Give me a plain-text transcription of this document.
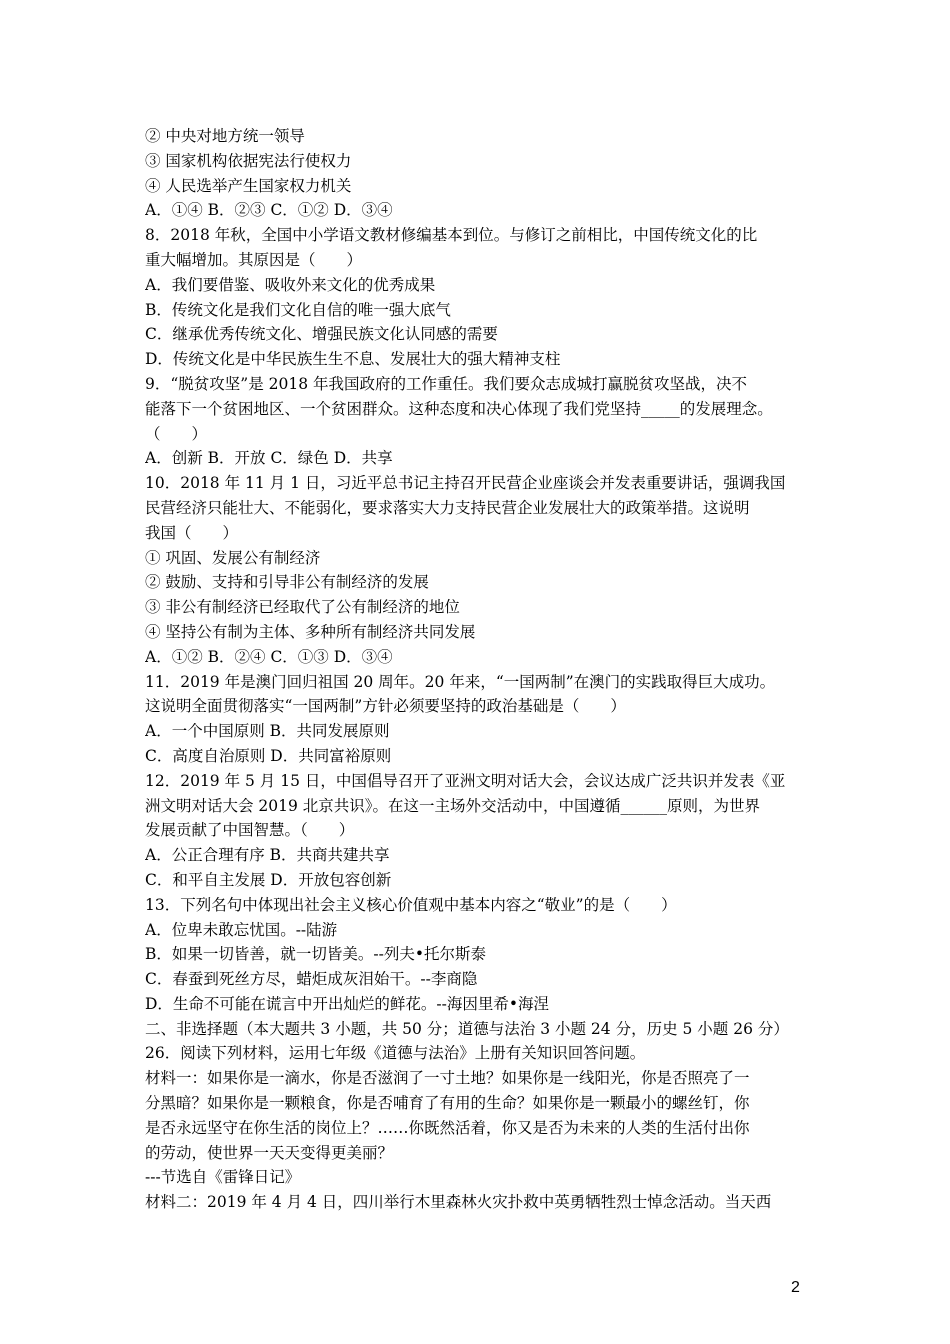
② 中央对地方统一领导
③ 国家机构依据宪法行使权力
④ 人民选举产生国家权力机关
A．①④ B．②③ C．①② D．③④
8．2018 年秋，全国中小学语文教材修编基本到位。与修订之前相比，中国传统文化的比
重大幅增加。其原因是（　　）
A．我们要借鉴、吸收外来文化的优秀成果
B．传统文化是我们文化自信的唯一强大底气
C．继承优秀传统文化、增强民族文化认同感的需要
D．传统文化是中华民族生生不息、发展壮大的强大精神支柱
9．“脱贫攻坚”是 2018 年我国政府的工作重任。我们要众志成城打赢脱贫攻坚战，决不
能落下一个贫困地区、一个贫困群众。这种态度和决心体现了我们党坚持_____的发展理念。
（　　）
A．创新 B．开放 C．绿色 D．共享
10．2018 年 11 月 1 日，习近平总书记主持召开民营企业座谈会并发表重要讲话，强调我国
民营经济只能壮大、不能弱化，要求落实大力支持民营企业发展壮大的政策举措。这说明
我国（　　）
① 巩固、发展公有制经济
② 鼓励、支持和引导非公有制经济的发展
③ 非公有制经济已经取代了公有制经济的地位
④ 坚持公有制为主体、多种所有制经济共同发展
A．①② B．②④ C．①③ D．③④
11．2019 年是澳门回归祖国 20 周年。20 年来，“一国两制”在澳门的实践取得巨大成功。
这说明全面贯彻落实“一国两制”方针必须要坚持的政治基础是（　　）
A．一个中国原则 B．共同发展原则
C．高度自治原则 D．共同富裕原则
12．2019 年 5 月 15 日，中国倡导召开了亚洲文明对话大会，会议达成广泛共识并发表《亚
洲文明对话大会 2019 北京共识》。在这一主场外交活动中，中国遵循______原则，为世界
发展贡献了中国智慧。（　　）
A．公正合理有序 B．共商共建共享
C．和平自主发展 D．开放包容创新
13．下列名句中体现出社会主义核心价值观中基本内容之“敬业”的是（　　）
A．位卑未敢忘忧国。--陆游
B．如果一切皆善，就一切皆美。--列夫•托尔斯泰
C．春蚕到死丝方尽，蜡炬成灰泪始干。--李商隐
D．生命不可能在谎言中开出灿烂的鲜花。--海因里希•海涅
二、非选择题（本大题共 3 小题，共 50 分；道德与法治 3 小题 24 分，历史 5 小题 26 分）
26．阅读下列材料，运用七年级《道德与法治》上册有关知识回答问题。
材料一：如果你是一滴水，你是否滋润了一寸土地？如果你是一线阳光，你是否照亮了一
分黑暗？如果你是一颗粮食，你是否哺育了有用的生命？如果你是一颗最小的螺丝钉，你
是否永远坚守在你生活的岗位上？……你既然活着，你又是否为未来的人类的生活付出你
的劳动，使世界一天天变得更美丽？
---节选自《雷锋日记》
材料二：2019 年 4 月 4 日，四川举行木里森林火灾扑救中英勇牺牲烈士悼念活动。当天西
2
